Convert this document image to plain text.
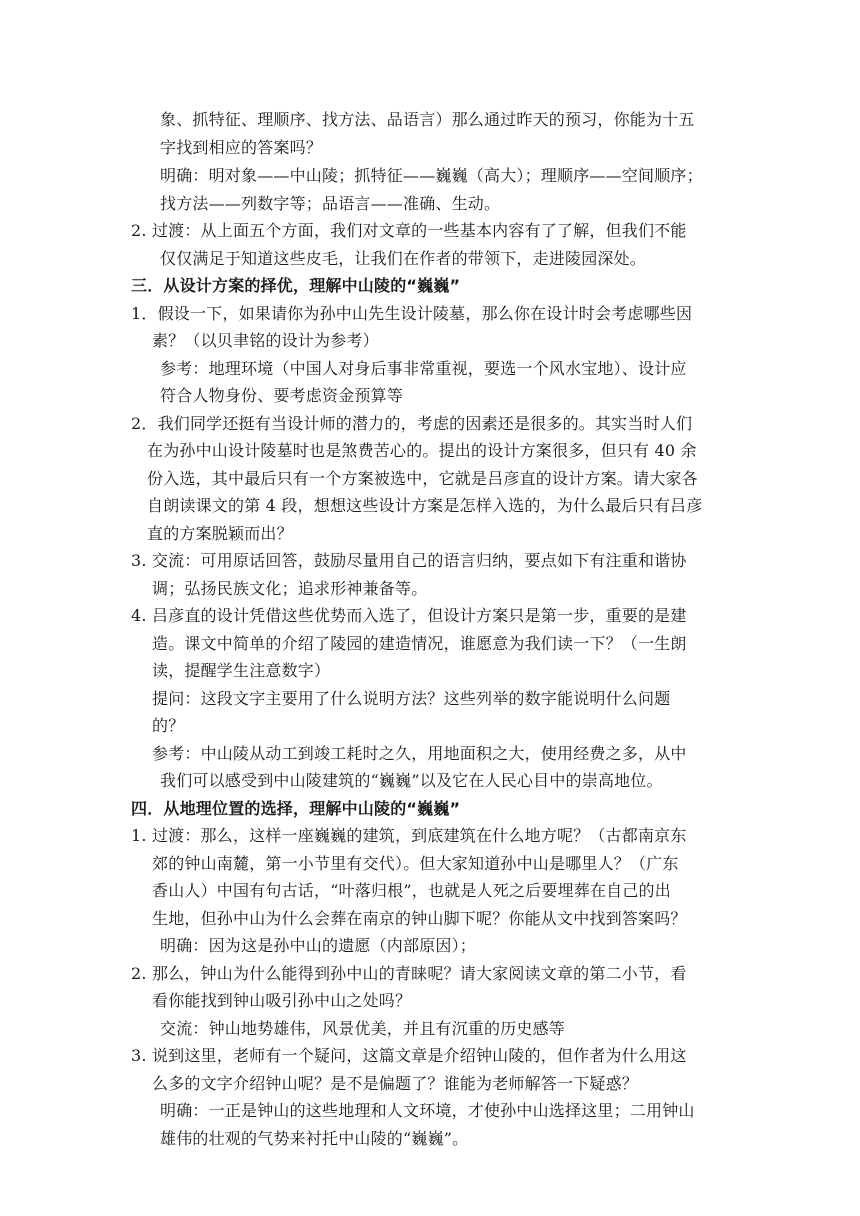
象、抓特征、理顺序、找方法、品语言）那么通过昨天的预习，你能为十五
字找到相应的答案吗？
明确：明对象——中山陵；抓特征——巍巍（高大）；理顺序——空间顺序；
找方法——列数字等；品语言——准确、生动。
2. 过渡：从上面五个方面，我们对文章的一些基本内容有了了解，但我们不能
仅仅满足于知道这些皮毛，让我们在作者的带领下，走进陵园深处。
三．从设计方案的择优，理解中山陵的“巍巍”
1．假设一下，如果请你为孙中山先生设计陵墓，那么你在设计时会考虑哪些因
素？（以贝聿铭的设计为参考）
参考：地理环境（中国人对身后事非常重视，要选一个风水宝地）、设计应
符合人物身份、要考虑资金预算等
2．我们同学还挺有当设计师的潜力的，考虑的因素还是很多的。其实当时人们
在为孙中山设计陵墓时也是煞费苦心的。提出的设计方案很多，但只有 40 余
份入选，其中最后只有一个方案被选中，它就是吕彦直的设计方案。请大家各
自朗读课文的第 4 段，想想这些设计方案是怎样入选的，为什么最后只有吕彦
直的方案脱颖而出？
3. 交流：可用原话回答，鼓励尽量用自己的语言归纳，要点如下有注重和谐协
调；弘扬民族文化；追求形神兼备等。
4. 吕彦直的设计凭借这些优势而入选了，但设计方案只是第一步，重要的是建
造。课文中简单的介绍了陵园的建造情况，谁愿意为我们读一下？（一生朗
读，提醒学生注意数字）
提问：这段文字主要用了什么说明方法？这些列举的数字能说明什么问题
的？
参考：中山陵从动工到竣工耗时之久，用地面积之大，使用经费之多，从中
我们可以感受到中山陵建筑的“巍巍”以及它在人民心目中的崇高地位。
四．从地理位置的选择，理解中山陵的“巍巍”
1. 过渡：那么，这样一座巍巍的建筑，到底建筑在什么地方呢？（古都南京东
郊的钟山南麓，第一小节里有交代）。但大家知道孙中山是哪里人？（广东
香山人）中国有句古话，“叶落归根”，也就是人死之后要埋葬在自己的出
生地，但孙中山为什么会葬在南京的钟山脚下呢？你能从文中找到答案吗？
明确：因为这是孙中山的遗愿（内部原因）；
2. 那么，钟山为什么能得到孙中山的青睐呢？请大家阅读文章的第二小节，看
看你能找到钟山吸引孙中山之处吗？
交流：钟山地势雄伟，风景优美，并且有沉重的历史感等
3. 说到这里，老师有一个疑问，这篇文章是介绍钟山陵的，但作者为什么用这
么多的文字介绍钟山呢？是不是偏题了？谁能为老师解答一下疑惑？
明确：一正是钟山的这些地理和人文环境，才使孙中山选择这里；二用钟山
雄伟的壮观的气势来衬托中山陵的“巍巍”。
